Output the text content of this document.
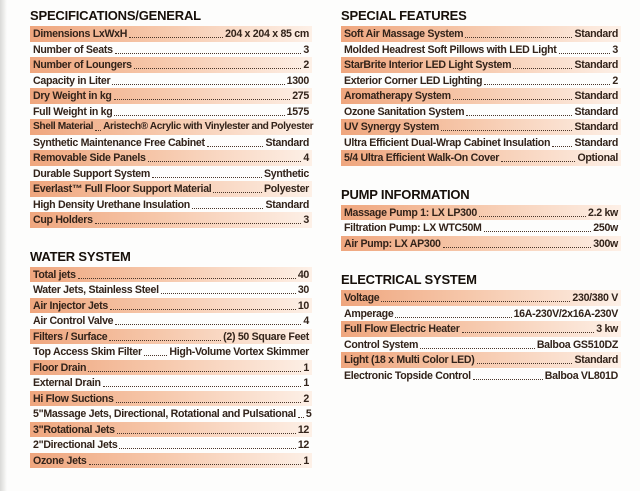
SPECIFICATIONS/GENERAL
Dimensions LxWxH	204 x 204 x 85 cm
Number of Seats	3
Number of Loungers	2
Capacity in Liter	1300
Dry Weight in kg	275
Full Weight in kg	1575
Shell Material Aristech® Acrylic with Vinylester and Polyester
Synthetic Maintenance Free Cabinet	Standard
Removable Side Panels	4
Durable Support System	Synthetic
Everlast™ Full Floor Support Material	Polyester
High Density Urethane Insulation	Standard
Cup Holders	3
WATER SYSTEM
Total jets	40
Water Jets, Stainless Steel	30
Air Injector Jets	10
Air Control Valve	4
Filters / Surface	(2) 50 Square Feet
Top Access Skim Filter	High-Volume Vortex Skimmer
Floor Drain	1
External Drain	1
Hi Flow Suctions	2
5"Massage Jets, Directional, Rotational and Pulsational 5
3"Rotational Jets	12
2"Directional Jets	12
Ozone Jets	1
SPECIAL FEATURES
Soft Air Massage System	Standard
Molded Headrest Soft Pillows with LED Light	3
StarBrite Interior LED Light System	Standard
Exterior Corner LED Lighting	2
Aromatherapy System	Standard
Ozone Sanitation System	Standard
UV Synergy System	Standard
Ultra Efficient Dual-Wrap Cabinet Insulation Standard
5/4 Ultra Efficient Walk-On Cover	Optional
PUMP INFORMATION
Massage Pump 1: LX LP300	2.2 kw
Filtration Pump: LX WTC50M	250w
Air Pump: LX AP300	300w
ELECTRICAL SYSTEM
Voltage	230/380 V
Amperage	16A-230V/2x16A-230V
Full Flow Electric Heater	3 kw
Control System	Balboa GS510DZ
Light (18 x Multi Color LED)	Standard
Electronic Topside Control	Balboa VL801D
